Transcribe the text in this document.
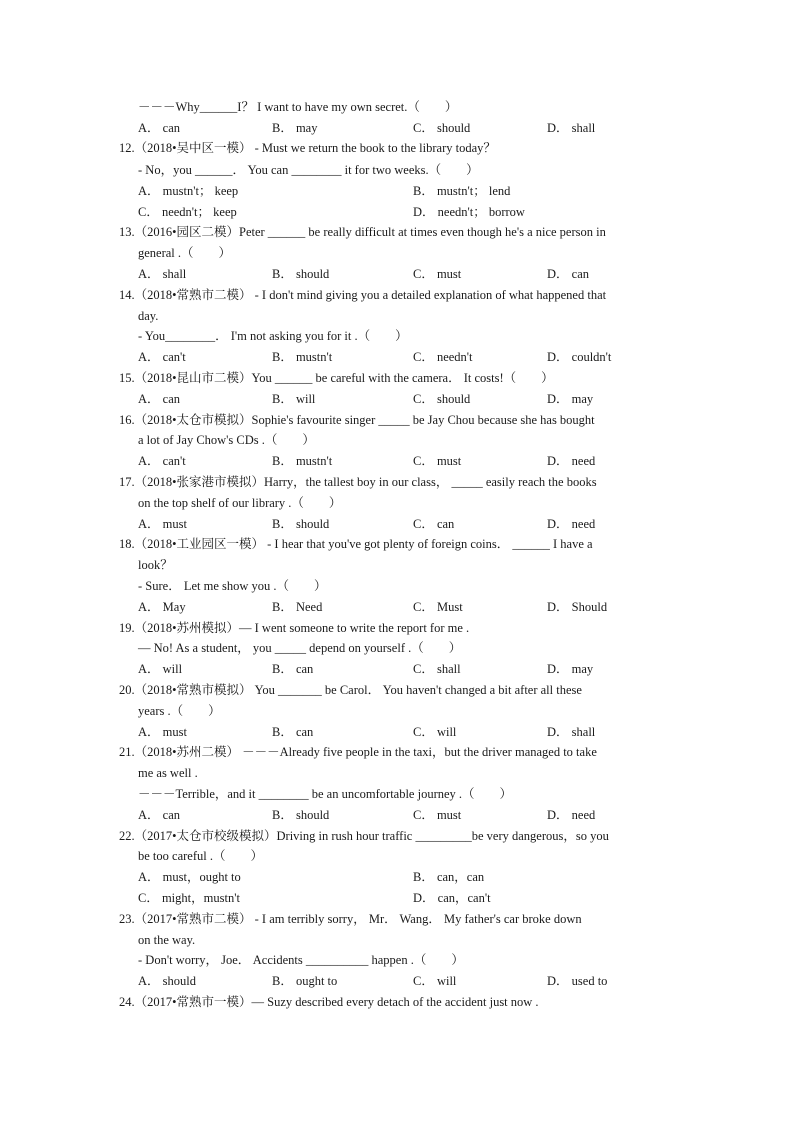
－－－Why______I？ I want to have my own secret.（　　）
A． can	B． may	C． should	D． shall
12.（2018•吴中区一模） - Must we return the book to the library today？
- No，you ______． You can ________ it for two weeks.（　　）
A． mustn't； keep	B． mustn't； lend
C． needn't； keep	D． needn't； borrow
13.（2016•园区二模）Peter ______ be really difficult at times even though he's a nice person in
general .（　　）
A． shall	B． should	C． must	D． can
14.（2018•常熟市二模） - I don't mind giving you a detailed explanation of what happened that
day.
- You________． I'm not asking you for it .（　　）
A． can't	B． mustn't	C． needn't	D． couldn't
15.（2018•昆山市二模）You ______ be careful with the camera． It costs!（　　）
A． can	B． will	C． should	D． may
16.（2018•太仓市模拟）Sophie's favourite singer _____ be Jay Chou because she has bought
a lot of Jay Chow's CDs .（　　）
A． can't	B． mustn't	C． must	D． need
17.（2018•张家港市模拟）Harry，the tallest boy in our class， _____ easily reach the books
on the top shelf of our library .（　　）
A． must	B． should	C． can	D． need
18.（2018•工业园区一模） - I hear that you've got plenty of foreign coins． ______ I have a
look？
- Sure． Let me show you .（　　）
A． May	B． Need	C． Must	D． Should
19.（2018•苏州模拟）— I went someone to write the report for me .
— No! As a student， you _____ depend on yourself .（　　）
A． will	B． can	C． shall	D． may
20.（2018•常熟市模拟） You _______ be Carol． You haven't changed a bit after all these
years .（　　）
A． must	B． can	C． will	D． shall
21.（2018•苏州二模） －－－Already five people in the taxi，but the driver managed to take
me as well .
－－－Terrible，and it ________ be an uncomfortable journey .（　　）
A． can	B． should	C． must	D． need
22.（2017•太仓市校级模拟）Driving in rush hour traffic _________be very dangerous，so you
be too careful .（　　）
A． must，ought to	B． can，can
C． might，mustn't	D． can，can't
23.（2017•常熟市二模） - I am terribly sorry， Mr． Wang． My father's car broke down
on the way.
- Don't worry， Joe． Accidents __________ happen .（　　）
A． should	B． ought to	C． will	D． used to
24.（2017•常熟市一模）— Suzy described every detach of the accident just now .
